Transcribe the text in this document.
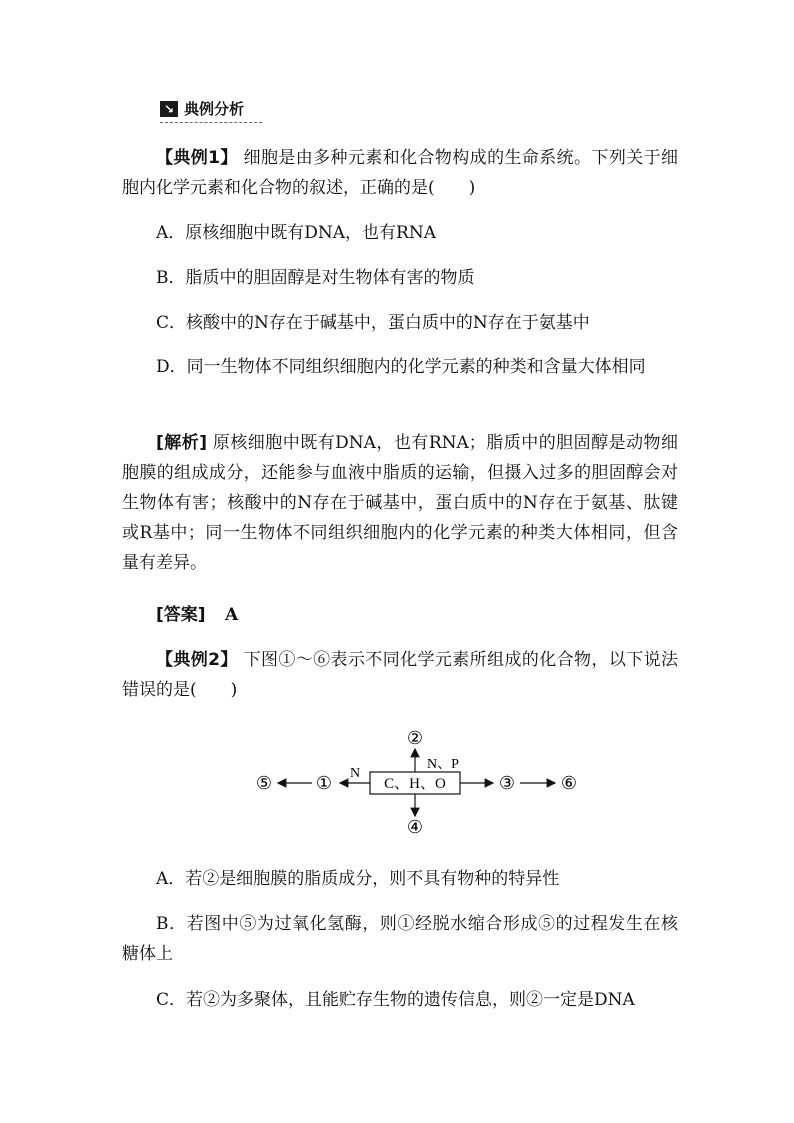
↘ 典例分析

【典例1】 细胞是由多种元素和化合物构成的生命系统。下列关于细胞内化学元素和化合物的叙述，正确的是(　　)

A．原核细胞中既有DNA，也有RNA

B．脂质中的胆固醇是对生物体有害的物质

C．核酸中的N存在于碱基中，蛋白质中的N存在于氨基中

D．同一生物体不同组织细胞内的化学元素的种类和含量大体相同

[解析] 原核细胞中既有DNA，也有RNA；脂质中的胆固醇是动物细胞膜的组成成分，还能参与血液中脂质的运输，但摄入过多的胆固醇会对生物体有害；核酸中的N存在于碱基中，蛋白质中的N存在于氨基、肽键或R基中；同一生物体不同组织细胞内的化学元素的种类大体相同，但含量有差异。

[答案] A

【典例2】 下图①～⑥表示不同化学元素所组成的化合物，以下说法错误的是(　　)

C、H、O
②
N、P
④
N
①
⑤	③	⑥

A．若②是细胞膜的脂质成分，则不具有物种的特异性

B．若图中⑤为过氧化氢酶，则①经脱水缩合形成⑤的过程发生在核糖体上

C．若②为多聚体，且能贮存生物的遗传信息，则②一定是DNA
